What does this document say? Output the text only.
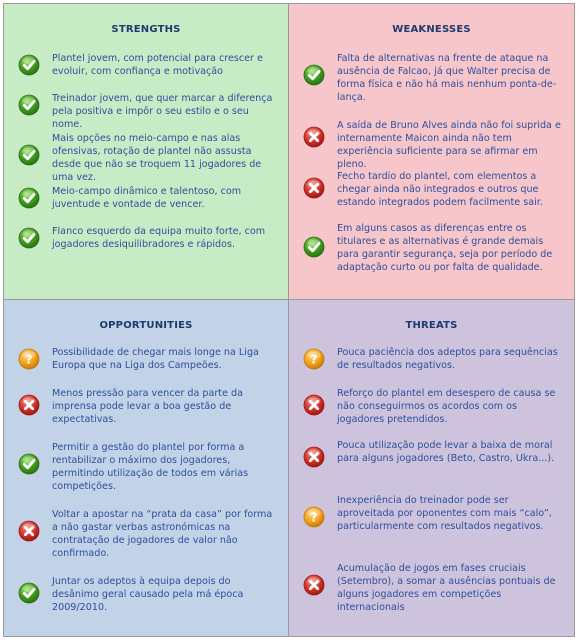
STRENGTHS
Plantel jovem, com potencial para crescer e evoluir, com confiança e motivação
Treinador jovem, que quer marcar a diferença pela positiva e impôr o seu estilo e o seu nome.
Mais opções no meio-campo e nas alas ofensivas, rotação de plantel não assusta desde que não se troquem 11 jogadores de uma vez.
Meio-campo dinâmico e talentoso, com juventude e vontade de vencer.
Flanco esquerdo da equipa muito forte, com jogadores desiquilibradores e rápidos.
WEAKNESSES
Falta de alternativas na frente de ataque na ausência de Falcao, já que Walter precisa de forma física e não há mais nenhum ponta-de-lança.
A saída de Bruno Alves ainda não foi suprida e internamente Maicon ainda não tem experiência suficiente para se afirmar em pleno.
Fecho tardio do plantel, com elementos a chegar ainda não integrados e outros que estando integrados podem facilmente sair.
Em alguns casos as diferenças entre os titulares e as alternativas é grande demais para garantir segurança, seja por período de adaptação curto ou por falta de qualidade.
OPPORTUNITIES
?
Possibilidade de chegar mais longe na Liga Europa que na Liga dos Campeões.
Menos pressão para vencer da parte da imprensa pode levar a boa gestão de expectativas.
Permitir a gestão do plantel por forma a rentabilizar o máximo dos jogadores, permitindo utilização de todos em várias competições.
Voltar a apostar na “prata da casa” por forma a não gastar verbas astronómicas na contratação de jogadores de valor não confirmado.
Juntar os adeptos à equipa depois do desânimo geral causado pela má época 2009/2010.
THREATS
?
Pouca paciência dos adeptos para sequências de resultados negativos.
Reforço do plantel em desespero de causa se não conseguirmos os acordos com os jogadores pretendidos.
Pouca utilização pode levar a baixa de moral para alguns jogadores (Beto, Castro, Ukra...).
?
Inexperiência do treinador pode ser aproveitada por oponentes com mais “calo”, particularmente com resultados negativos.
Acumulação de jogos em fases cruciais (Setembro), a somar a ausências pontuais de alguns jogadores em competições internacionais
